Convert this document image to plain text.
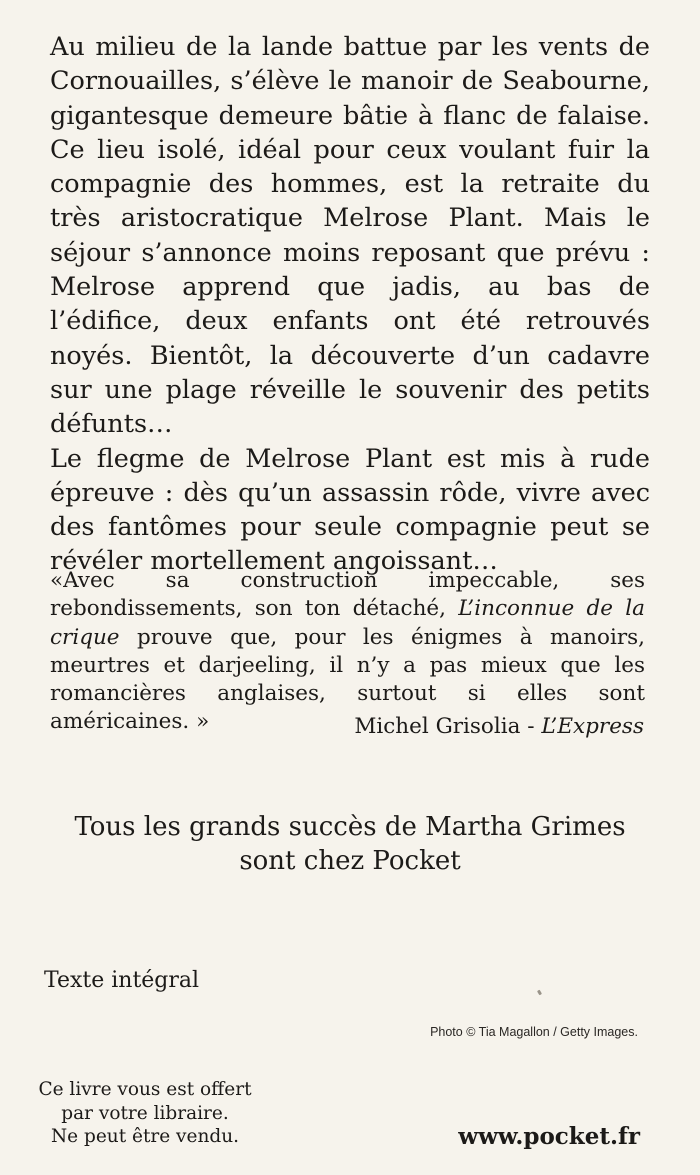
Au milieu de la lande battue par les vents de Cornouailles, s’élève le manoir de Seabourne, gigantesque demeure bâtie à flanc de falaise. Ce lieu isolé, idéal pour ceux voulant fuir la compagnie des hommes, est la retraite du très aristocratique Melrose Plant. Mais le séjour s’annonce moins reposant que prévu : Melrose apprend que jadis, au bas de l’édifice, deux enfants ont été retrouvés noyés. Bientôt, la découverte d’un cadavre sur une plage réveille le souvenir des petits défunts…

Le flegme de Melrose Plant est mis à rude épreuve : dès qu’un assassin rôde, vivre avec des fantômes pour seule compagnie peut se révéler mortellement angoissant…

«Avec sa construction impeccable, ses rebondissements, son ton détaché, L’inconnue de la crique prouve que, pour les énigmes à manoirs, meurtres et darjeeling, il n’y a pas mieux que les romancières anglaises, surtout si elles sont américaines. »	Michel Grisolia - L’Express
Tous les grands succès de Martha Grimes
sont chez Pocket
Texte intégral
Photo © Tia Magallon / Getty Images.
Ce livre vous est offert
par votre libraire.
Ne peut être vendu.	www.pocket.fr
